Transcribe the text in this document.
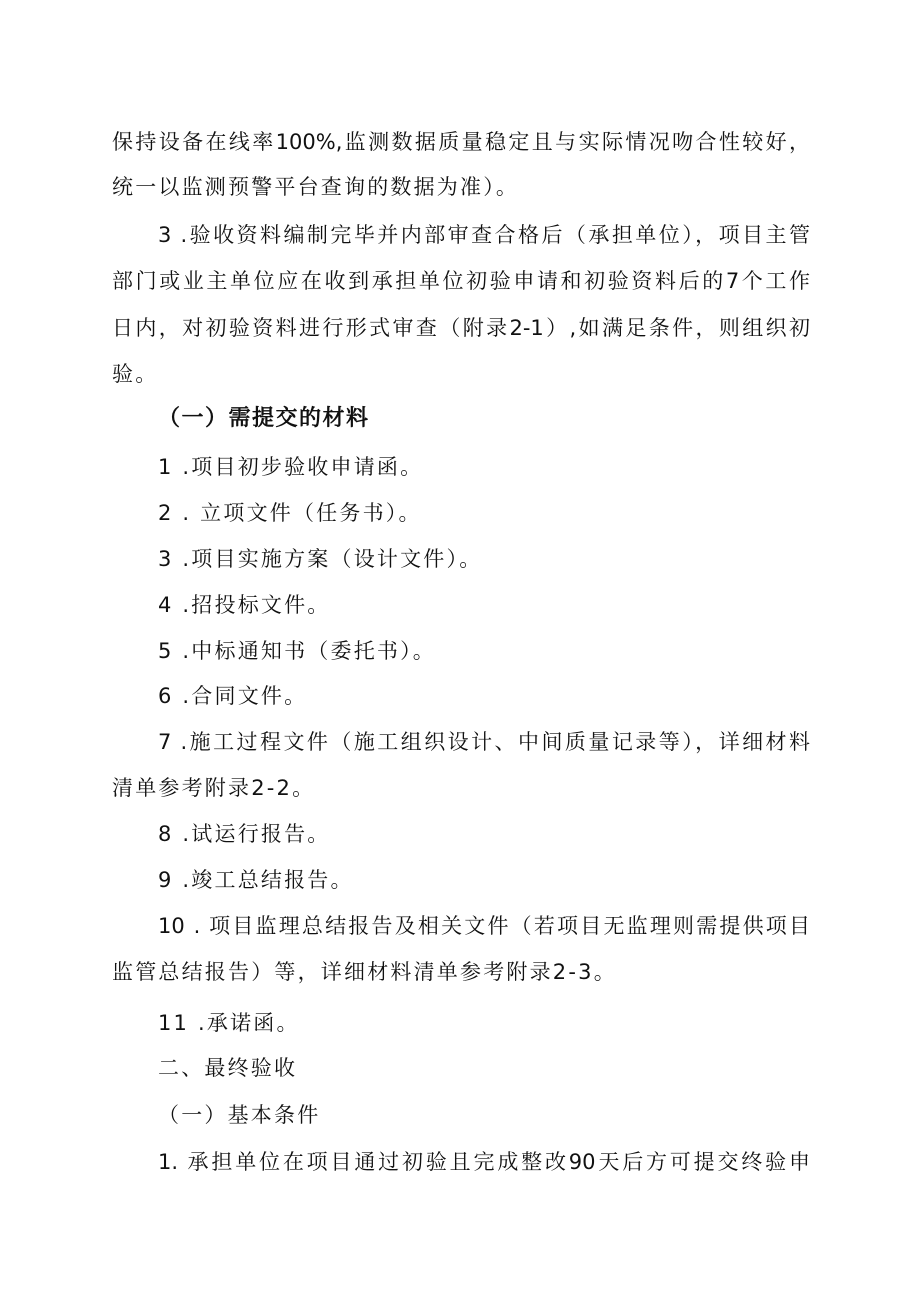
保持设备在线率100%,监测数据质量稳定且与实际情况吻合性较好，
统一以监测预警平台查询的数据为准）。
3 .验收资料编制完毕并内部审查合格后（承担单位），项目主管
部门或业主单位应在收到承担单位初验申请和初验资料后的7个工作
日内，对初验资料进行形式审查（附录2-1）,如满足条件，则组织初
验。
（一）需提交的材料
1 .项目初步验收申请函。
2 . 立项文件（任务书）。
3 .项目实施方案（设计文件）。
4 .招投标文件。
5 .中标通知书（委托书）。
6 .合同文件。
7 .施工过程文件（施工组织设计、中间质量记录等），详细材料
清单参考附录2-2。
8 .试运行报告。
9 .竣工总结报告。
10 . 项目监理总结报告及相关文件（若项目无监理则需提供项目
监管总结报告）等，详细材料清单参考附录2-3。
11 .承诺函。
二、最终验收
（一）基本条件
1. 承担单位在项目通过初验且完成整改90天后方可提交终验申
